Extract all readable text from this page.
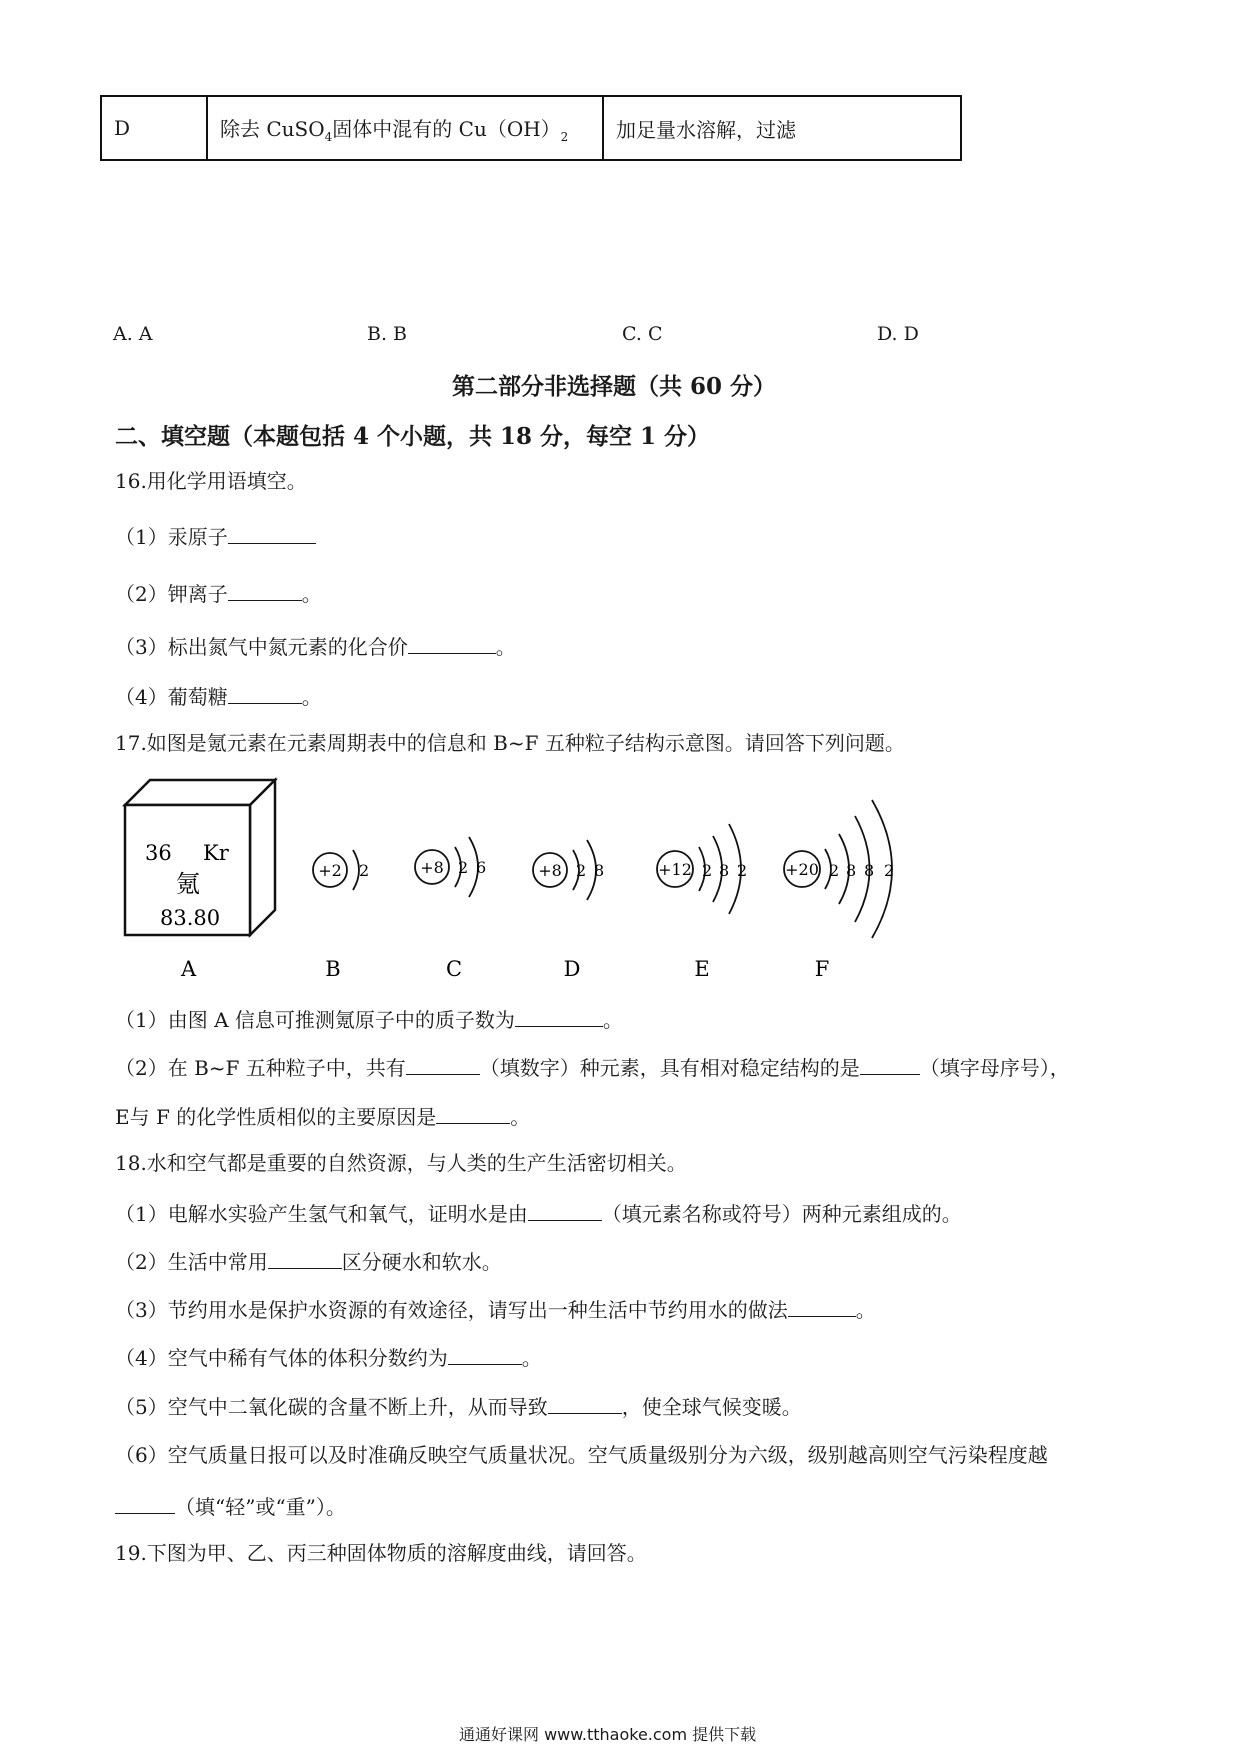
D	除去 CuSO$_4$固体中混有的 $Cu(OH)_2$	加足量水溶解，过滤
A. A	B. B	C. C	D. D
第二部分非选择题（共 60 分）
二、填空题（本题包括 4 个小题，共 18 分，每空 1 分）
16.用化学用语填空。
（1）汞原子
（2）钾离子	。
（3）标出氮气中氮元素的化合价	。
（4）葡萄糖	。
17.如图是氪元素在元素周期表中的信息和 B~F 五种粒子结构示意图。请回答下列问题。
36 Kr
氪
83.80
A
+2 2
B
+8 2 6
C
+8 2 8
D
+12 2 8 2
E
+20 2 8 8 2
F
（1）由图 A 信息可推测氪原子中的质子数为	。
（2）在 B~F 五种粒子中，共有	（填数字）种元素，具有相对稳定结构的是	（填字母序号），
E与 F 的化学性质相似的主要原因是	。
18.水和空气都是重要的自然资源，与人类的生产生活密切相关。
（1）电解水实验产生氢气和氧气，证明水是由	（填元素名称或符号）两种元素组成的。
（2）生活中常用	区分硬水和软水。
（3）节约用水是保护水资源的有效途径，请写出一种生活中节约用水的做法	。
（4）空气中稀有气体的体积分数约为	。
（5）空气中二氧化碳的含量不断上升，从而导致	，使全球气候变暖。
（6）空气质量日报可以及时准确反映空气质量状况。空气质量级别分为六级，级别越高则空气污染程度越
（填“轻”或“重”）。
19.下图为甲、乙、丙三种固体物质的溶解度曲线，请回答。
通通好课网 www.tthaoke.com 提供下载
